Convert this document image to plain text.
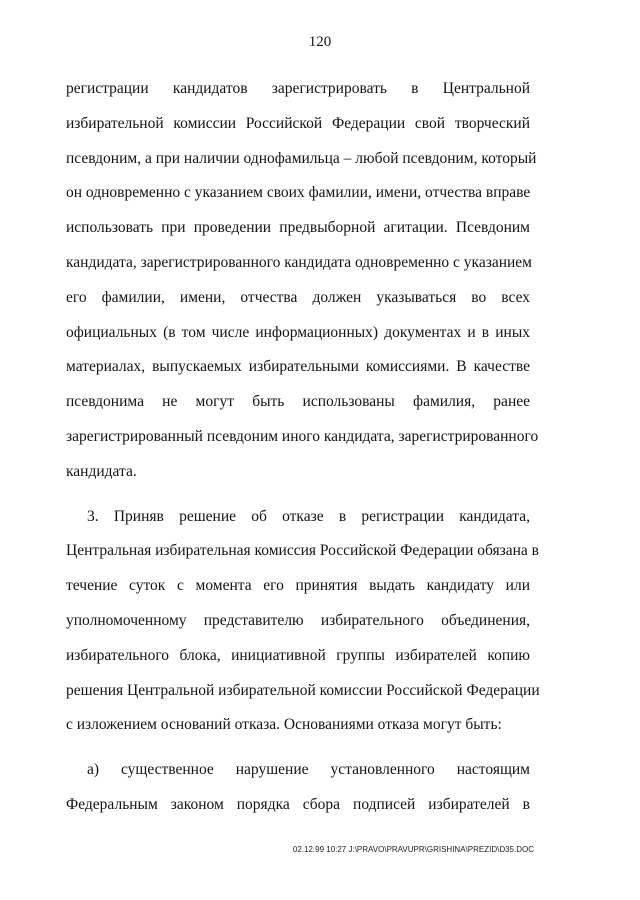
120
регистрации кандидатов зарегистрировать в Центральной
избирательной комиссии Российской Федерации свой творческий
псевдоним, а при наличии однофамильца – любой псевдоним, который
он одновременно с указанием своих фамилии, имени, отчества вправе
использовать при проведении предвыборной агитации. Псевдоним
кандидата, зарегистрированного кандидата одновременно с указанием
его фамилии, имени, отчества должен указываться во всех
официальных (в том числе информационных) документах и в иных
материалах, выпускаемых избирательными комиссиями. В качестве
псевдонима не могут быть использованы фамилия, ранее
зарегистрированный псевдоним иного кандидата, зарегистрированного
кандидата.
3. Приняв решение об отказе в регистрации кандидата,
Центральная избирательная комиссия Российской Федерации обязана в
течение суток с момента его принятия выдать кандидату или
уполномоченному представителю избирательного объединения,
избирательного блока, инициативной группы избирателей копию
решения Центральной избирательной комиссии Российской Федерации
с изложением оснований отказа. Основаниями отказа могут быть:
а) существенное нарушение установленного настоящим
Федеральным законом порядка сбора подписей избирателей в
02.12.99 10:27 J:\PRAVO\PRAVUPR\GRISHINA\PREZID\D35.DOC
